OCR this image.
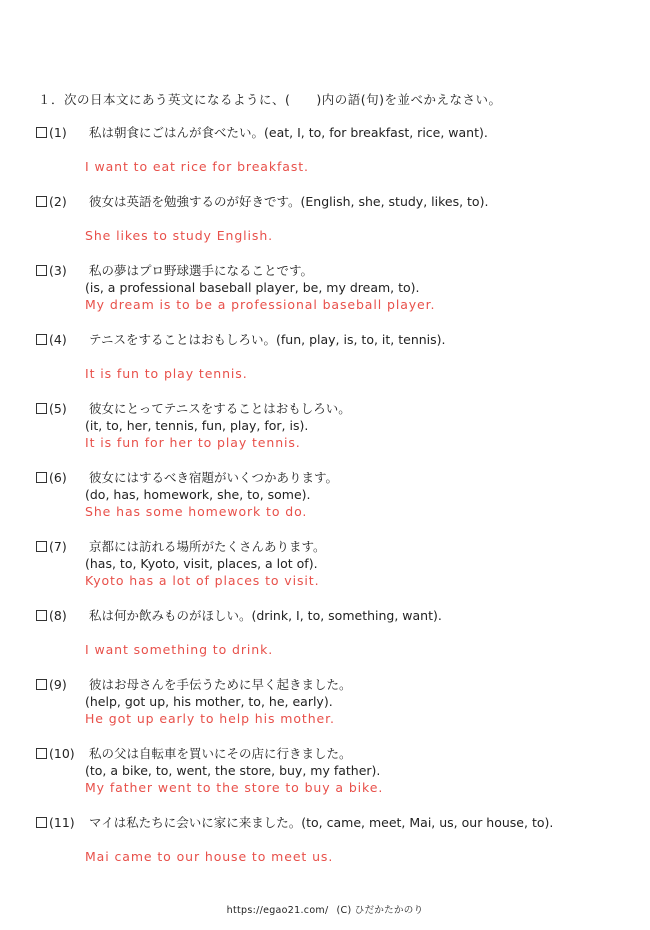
１．次の日本文にあう英文になるように、(　　)内の語(句)を並べかえなさい。
(1) 私は朝食にごはんが食べたい。(eat, I, to, for breakfast, rice, want).
I want to eat rice for breakfast.
(2) 彼女は英語を勉強するのが好きです。(English, she, study, likes, to).
She likes to study English.
(3) 私の夢はプロ野球選手になることです。
(is, a professional baseball player, be, my dream, to).
My dream is to be a professional baseball player.
(4) テニスをすることはおもしろい。(fun, play, is, to, it, tennis).
It is fun to play tennis.
(5) 彼女にとってテニスをすることはおもしろい。
(it, to, her, tennis, fun, play, for, is).
It is fun for her to play tennis.
(6) 彼女にはするべき宿題がいくつかあります。
(do, has, homework, she, to, some).
She has some homework to do.
(7) 京都には訪れる場所がたくさんあります。
(has, to, Kyoto, visit, places, a lot of).
Kyoto has a lot of places to visit.
(8) 私は何か飲みものがほしい。(drink, I, to, something, want).
I want something to drink.
(9) 彼はお母さんを手伝うために早く起きました。
(help, got up, his mother, to, he, early).
He got up early to help his mother.
(10) 私の父は自転車を買いにその店に行きました。
(to, a bike, to, went, the store, buy, my father).
My father went to the store to buy a bike.
(11) マイは私たちに会いに家に来ました。(to, came, meet, Mai, us, our house, to).
Mai came to our house to meet us.
https://egao21.com/ (C) ひだかたかのり
